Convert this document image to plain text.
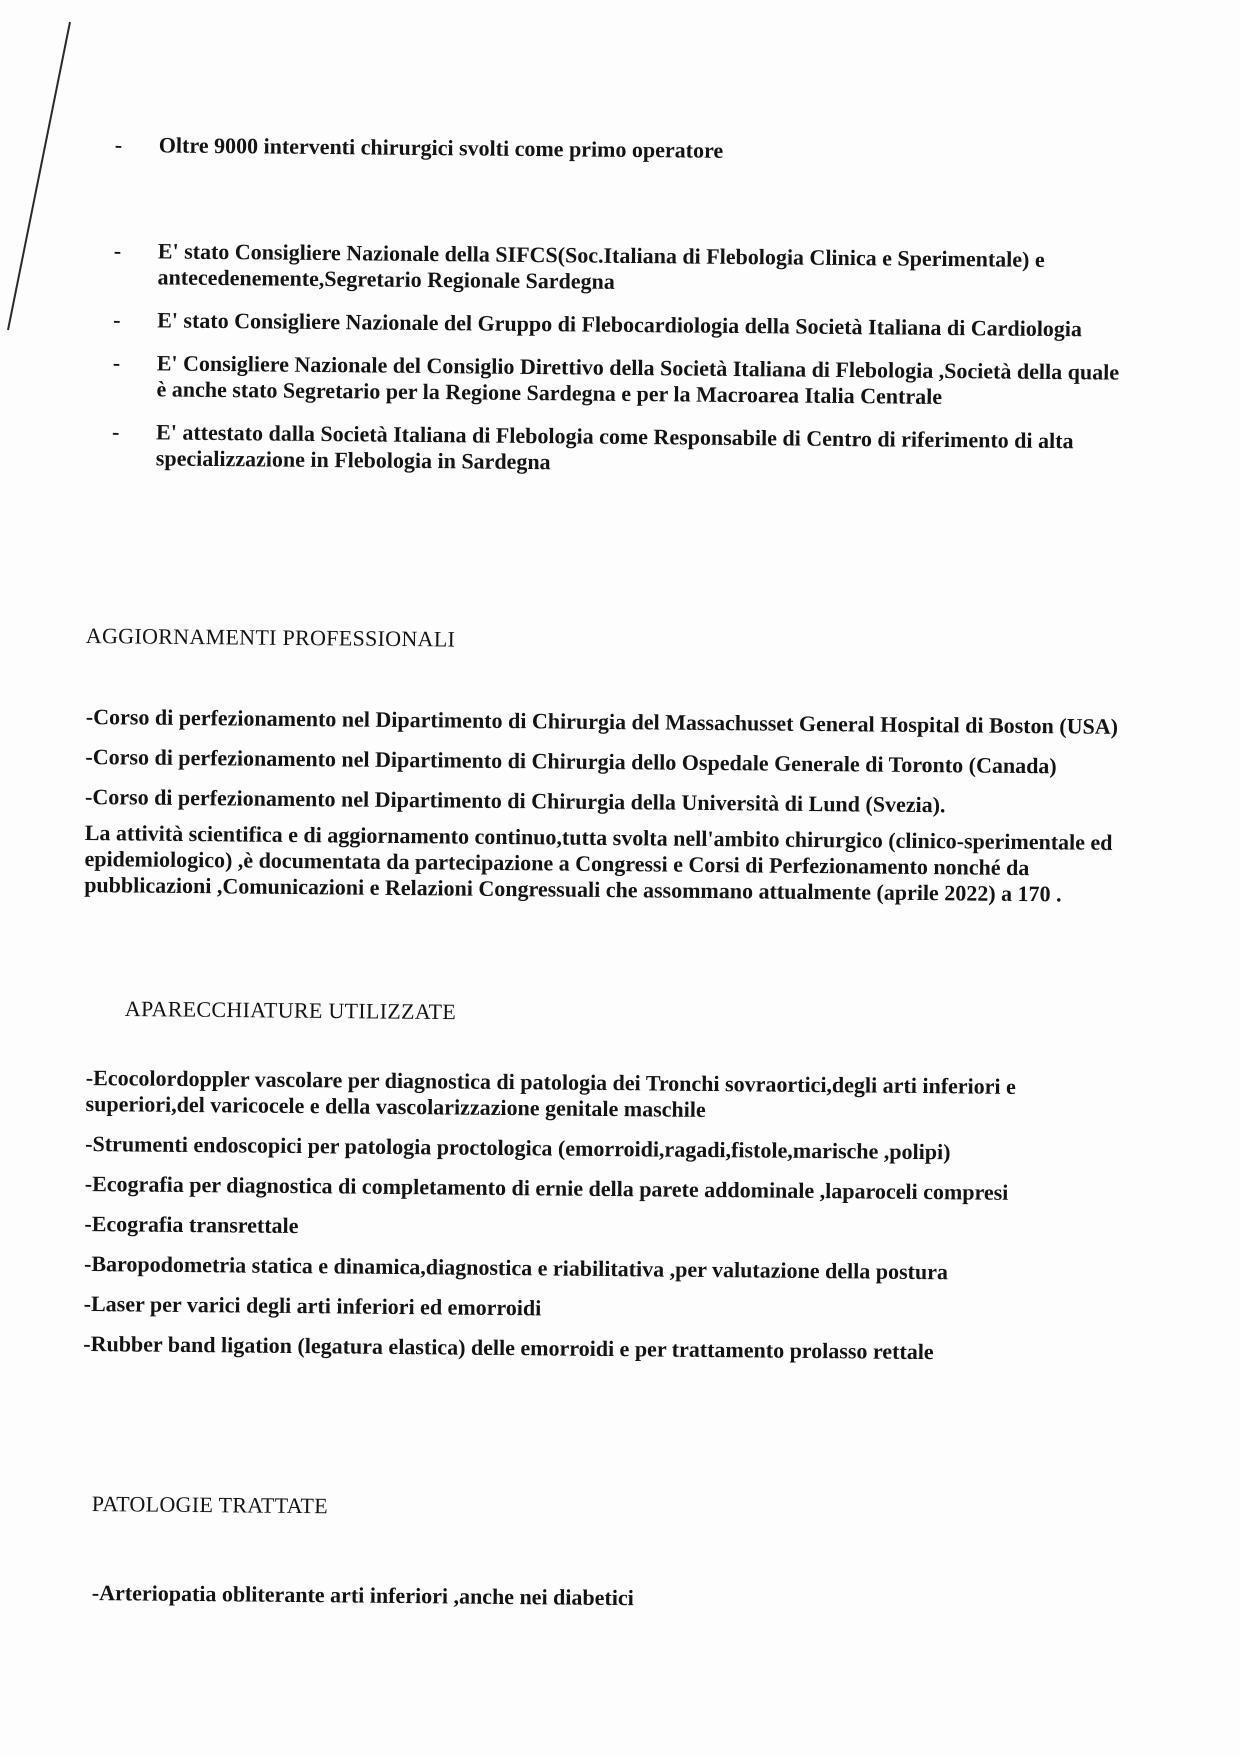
- Oltre 9000 interventi chirurgici svolti come primo operatore
- E' stato Consigliere Nazionale della SIFCS(Soc.Italiana di Flebologia Clinica e Sperimentale) e antecedenemente,Segretario Regionale Sardegna
- E' stato Consigliere Nazionale del Gruppo di Flebocardiologia della Società Italiana di Cardiologia
- E' Consigliere Nazionale del Consiglio Direttivo della Società Italiana di Flebologia ,Società della quale è anche stato Segretario per la Regione Sardegna e per la Macroarea Italia Centrale
- E' attestato dalla Società Italiana di Flebologia come Responsabile di Centro di riferimento di alta specializzazione in Flebologia in Sardegna
AGGIORNAMENTI PROFESSIONALI

-Corso di perfezionamento nel Dipartimento di Chirurgia del Massachusset General Hospital di Boston (USA)

-Corso di perfezionamento nel Dipartimento di Chirurgia dello Ospedale Generale di Toronto (Canada)

-Corso di perfezionamento nel Dipartimento di Chirurgia della Università di Lund (Svezia).

La attività scientifica e di aggiornamento continuo,tutta svolta nell'ambito chirurgico (clinico-sperimentale ed epidemiologico) ,è documentata da partecipazione a Congressi e Corsi di Perfezionamento nonché da pubblicazioni ,Comunicazioni e Relazioni Congressuali che assommano attualmente (aprile 2022) a 170 .

APARECCHIATURE UTILIZZATE

-Ecocolordoppler vascolare per diagnostica di patologia dei Tronchi sovraortici,degli arti inferiori e superiori,del varicocele e della vascolarizzazione genitale maschile

-Strumenti endoscopici per patologia proctologica (emorroidi,ragadi,fistole,marische ,polipi)

-Ecografia per diagnostica di completamento di ernie della parete addominale ,laparoceli compresi

-Ecografia transrettale

-Baropodometria statica e dinamica,diagnostica e riabilitativa ,per valutazione della postura

-Laser per varici degli arti inferiori ed emorroidi

-Rubber band ligation (legatura elastica) delle emorroidi e per trattamento prolasso rettale

PATOLOGIE TRATTATE

-Arteriopatia obliterante arti inferiori ,anche nei diabetici
